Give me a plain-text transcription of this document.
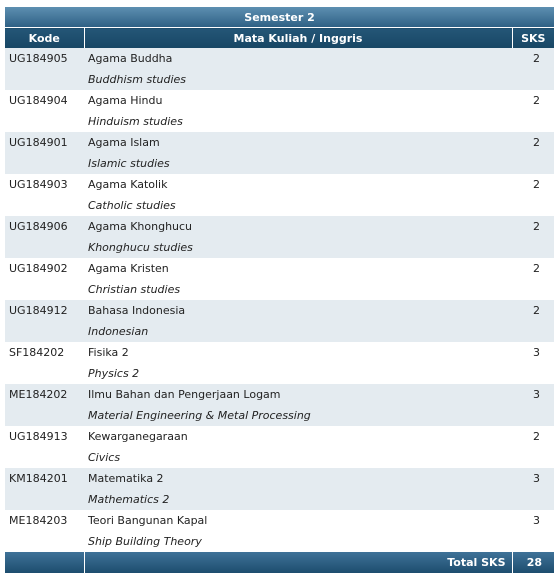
Semester 2		
Kode	Mata Kuliah / Inggris	SKS
UG184905	Agama Buddha	2
	Buddhism studies	
UG184904	Agama Hindu	2
	Hinduism studies	
UG184901	Agama Islam	2
	Islamic studies	
UG184903	Agama Katolik	2
	Catholic studies	
UG184906	Agama Khonghucu	2
	Khonghucu studies	
UG184902	Agama Kristen	2
	Christian studies	
UG184912	Bahasa Indonesia	2
	Indonesian	
SF184202	Fisika 2	3
	Physics 2	
ME184202	Ilmu Bahan dan Pengerjaan Logam	3
	Material Engineering & Metal Processing	
UG184913	Kewarganegaraan	2
	Civics	
KM184201	Matematika 2	3
	Mathematics 2	
ME184203	Teori Bangunan Kapal	3
	Ship Building Theory	
	Total SKS	28
